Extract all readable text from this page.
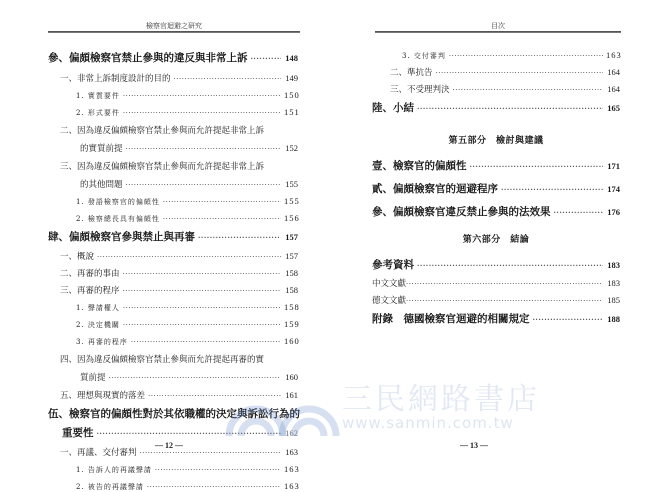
檢察官迴避之研究
參、偏頗檢察官禁止參與的違反與非常上訴 ·····	148
一、非常上訴制度設計的目的 ·····	149
1. 實質要件 ·····	150
2. 形式要件 ·····	151
二、因為違反偏頗檢察官禁止參與而允許提起非常上訴
的實質前提 ·····	152
三、因為違反偏頗檢察官禁止參與而允許提起非常上訴
的其他問題 ·····	155
1. 發語檢察官的偏頗性 ·····	155
2. 檢察總長具有偏頗性 ·····	156
肆、偏頗檢察官參與禁止與再審 ·····	157
一、概說 ·····	157
二、再審的事由 ·····	158
三、再審的程序 ·····	158
1. 聲請權人 ·····	158
2. 決定機關 ·····	159
3. 再審的程序 ·····	160
四、因為違反偏頗檢察官禁止參與而允許提起再審的實
質前提 ·····	160
五、理想與現實的落差 ·····	161
伍、檢察官的偏頗性對於其依職權的決定與訴訟行為的
重要性 ·····	162
一、再議、交付審判 ·····	163
1. 告訴人的再議聲請 ·····	163
2. 被告的再議聲請 ·····	163
— 12 —
目次
3. 交付審判 ·····	163
二、準抗告 ·····	164
三、不受理判決 ·····	164
陸、小結 ·····	165
第五部分　檢討與建議
壹、檢察官的偏頗性 ·····	171
貳、偏頗檢察官的迴避程序 ·····	174
參、偏頗檢察官違反禁止參與的法效果 ·····	176
第六部分　結論
參考資料 ·····	183
中文文獻 ·····	183
德文文獻 ·····	185
附錄　德國檢察官迴避的相關規定 ·····	188
— 13 —
三民網路書店
www.sanmin.com.tw
